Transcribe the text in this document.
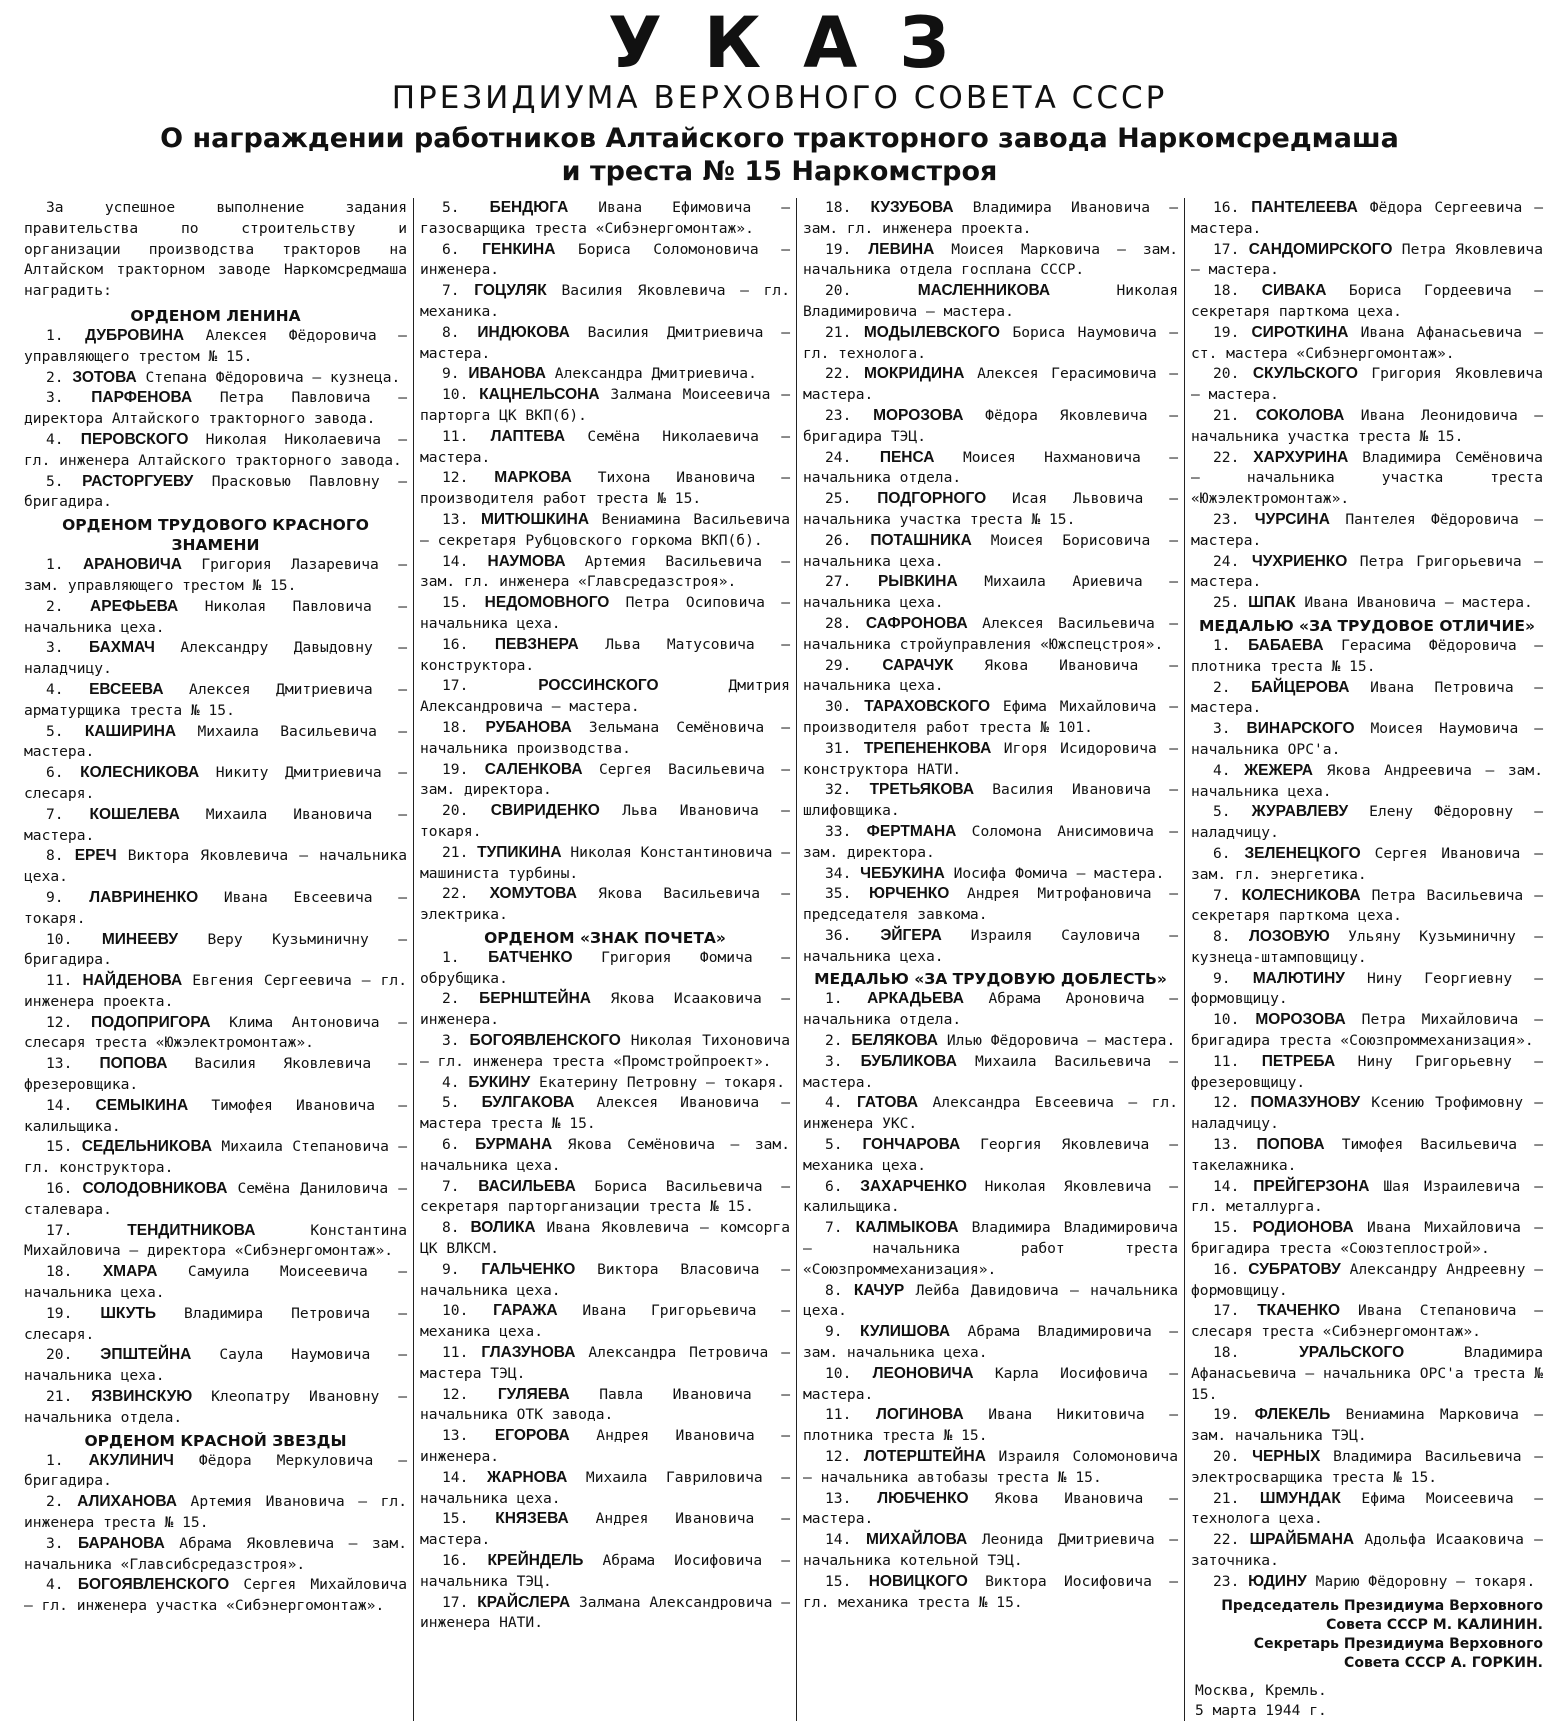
УКАЗ
ПРЕЗИДИУМА ВЕРХОВНОГО СОВЕТА СССР
О награждении работников Алтайского тракторного завода Наркомсредмаша
и треста № 15 Наркомстроя

За успешное выполнение задания правительства по строительству и организации производства тракторов на Алтайском тракторном заводе Наркомсредмаша наградить:

ОРДЕНОМ ЛЕНИНА

1. ДУБРОВИНА Алексея Фёдоровича — управляющего трестом № 15.

2. ЗОТОВА Степана Фёдоровича — кузнеца.

3. ПАРФЕНОВА Петра Павловича — директора Алтайского тракторного завода.

4. ПЕРОВСКОГО Николая Николаевича — гл. инженера Алтайского тракторного завода.

5. РАСТОРГУЕВУ Прасковью Павловну — бригадира.

ОРДЕНОМ ТРУДОВОГО КРАСНОГО ЗНАМЕНИ

1. АРАНОВИЧА Григория Лазаревича — зам. управляющего трестом № 15.

2. АРЕФЬЕВА Николая Павловича — начальника цеха.

3. БАХМАЧ Александру Давыдовну — наладчицу.

4. ЕВСЕЕВА Алексея Дмитриевича — арматурщика треста № 15.

5. КАШИРИНА Михаила Васильевича — мастера.

6. КОЛЕСНИКОВА Никиту Дмитриевича — слесаря.

7. КОШЕЛЕВА Михаила Ивановича — мастера.

8. ЕРЕЧ Виктора Яковлевича — начальника цеха.

9. ЛАВРИНЕНКО Ивана Евсеевича — токаря.

10. МИНЕЕВУ Веру Кузьминичну — бригадира.

11. НАЙДЕНОВА Евгения Сергеевича — гл. инженера проекта.

12. ПОДОПРИГОРА Клима Антоновича — слесаря треста «Южэлектромонтаж».

13. ПОПОВА Василия Яковлевича — фрезеровщика.

14. СЕМЫКИНА Тимофея Ивановича — калильщика.

15. СЕДЕЛЬНИКОВА Михаила Степановича — гл. конструктора.

16. СОЛОДОВНИКОВА Семёна Даниловича — сталевара.

17.	ТЕНДИТНИКОВА	Константина Михайловича — директора «Сибэнергомонтаж».

18. ХМАРА Самуила Моисеевича — начальника цеха.

19. ШКУТЬ Владимира Петровича — слесаря.

20. ЭПШТЕЙНА Саула Наумовича — начальника цеха.

21. ЯЗВИНСКУЮ Клеопатру Ивановну — начальника отдела.

ОРДЕНОМ КРАСНОЙ ЗВЕЗДЫ

1. АКУЛИНИЧ Фёдора Меркуловича — бригадира.

2. АЛИХАНОВА Артемия Ивановича — гл. инженера треста № 15.

3. БАРАНОВА Абрама Яковлевича — зам. начальника «Главсибсредазстроя».

4. БОГОЯВЛЕНСКОГО Сергея Михайловича — гл. инженера участка «Сибэнергомонтаж».

5. БЕНДЮГА Ивана Ефимовича — газосварщика треста «Сибэнергомонтаж».

6. ГЕНКИНА Бориса Соломоновича — инженера.

7. ГОЦУЛЯК Василия Яковлевича — гл. механика.

8. ИНДЮКОВА Василия Дмитриевича — мастера.

9. ИВАНОВА Александра Дмитриевича.

10. КАЦНЕЛЬСОНА Залмана Моисеевича — парторга ЦК ВКП(б).

11. ЛАПТЕВА Семёна Николаевича — мастера.

12. МАРКОВА Тихона Ивановича — производителя работ треста № 15.

13. МИТЮШКИНА Вениамина Васильевича — секретаря Рубцовского горкома ВКП(б).

14. НАУМОВА Артемия Васильевича — зам. гл. инженера «Главсредазстроя».

15. НЕДОМОВНОГО Петра Осиповича — начальника цеха.

16. ПЕВЗНЕРА Льва Матусовича — конструктора.

17.	РОССИНСКОГО	Дмитрия Александровича — мастера.

18. РУБАНОВА Зельмана Семёновича — начальника производства.

19. САЛЕНКОВА Сергея Васильевича — зам. директора.

20. СВИРИДЕНКО Льва Ивановича — токаря.

21. ТУПИКИНА Николая Константиновича — машиниста турбины.

22. ХОМУТОВА Якова Васильевича — электрика.

ОРДЕНОМ «ЗНАК ПОЧЕТА»

1. БАТЧЕНКО Григория Фомича — обрубщика.

2. БЕРНШТЕЙНА Якова Исааковича — инженера.

3. БОГОЯВЛЕНСКОГО Николая Тихоновича — гл. инженера треста «Промстройпроект».

4. БУКИНУ Екатерину Петровну — токаря.

5. БУЛГАКОВА Алексея Ивановича — мастера треста № 15.

6. БУРМАНА Якова Семёновича — зам. начальника цеха.

7. ВАСИЛЬЕВА Бориса Васильевича — секретаря парторганизации треста № 15.

8. ВОЛИКА Ивана Яковлевича — комсорга ЦК ВЛКСМ.

9. ГАЛЬЧЕНКО Виктора Власовича — начальника цеха.

10. ГАРАЖА Ивана Григорьевича — механика цеха.

11. ГЛАЗУНОВА Александра Петровича — мастера ТЭЦ.

12. ГУЛЯЕВА Павла Ивановича — начальника ОТК завода.

13. ЕГОРОВА Андрея Ивановича — инженера.

14. ЖАРНОВА Михаила Гавриловича — начальника цеха.

15. КНЯЗЕВА Андрея Ивановича — мастера.

16. КРЕЙНДЕЛЬ Абрама Иосифовича — начальника ТЭЦ.

17. КРАЙСЛЕРА Залмана Александровича — инженера НАТИ.

18. КУЗУБОВА Владимира Ивановича — зам. гл. инженера проекта.

19. ЛЕВИНА Моисея Марковича — зам. начальника отдела госплана СССР.

20.	МАСЛЕННИКОВА	Николая Владимировича — мастера.

21. МОДЫЛЕВСКОГО Бориса Наумовича — гл. технолога.

22. МОКРИДИНА Алексея Герасимовича — мастера.

23. МОРОЗОВА Фёдора Яковлевича — бригадира ТЭЦ.

24. ПЕНСА Моисея Нахмановича — начальника отдела.

25. ПОДГОРНОГО Исая Львовича — начальника участка треста № 15.

26. ПОТАШНИКА Моисея Борисовича — начальника цеха.

27. РЫВКИНА Михаила Ариевича — начальника цеха.

28. САФРОНОВА Алексея Васильевича — начальника стройуправления «Южспецстроя».

29. САРАЧУК Якова Ивановича — начальника цеха.

30. ТАРАХОВСКОГО Ефима Михайловича — производителя работ треста № 101.

31. ТРЕПЕНЕНКОВА Игоря Исидоровича — конструктора НАТИ.

32. ТРЕТЬЯКОВА Василия Ивановича — шлифовщика.

33. ФЕРТМАНА Соломона Анисимовича — зам. директора.

34. ЧЕБУКИНА Иосифа Фомича — мастера.

35. ЮРЧЕНКО Андрея Митрофановича — председателя завкома.

36. ЭЙГЕРА Израиля Сауловича — начальника цеха.

МЕДАЛЬЮ «ЗА ТРУДОВУЮ ДОБЛЕСТЬ»

1. АРКАДЬЕВА Абрама Ароновича — начальника отдела.

2. БЕЛЯКОВА Илью Фёдоровича — мастера.

3. БУБЛИКОВА Михаила Васильевича — мастера.

4. ГАТОВА Александра Евсеевича — гл. инженера УКС.

5. ГОНЧАРОВА Георгия Яковлевича — механика цеха.

6. ЗАХАРЧЕНКО Николая Яковлевича — калильщика.

7. КАЛМЫКОВА Владимира Владимировича — начальника работ треста «Союзпроммеханизация».

8. КАЧУР Лейба Давидовича — начальника цеха.

9. КУЛИШОВА Абрама Владимировича — зам. начальника цеха.

10. ЛЕОНОВИЧА Карла Иосифовича — мастера.

11. ЛОГИНОВА Ивана Никитовича — плотника треста № 15.

12. ЛОТЕРШТЕЙНА Израиля Соломоновича — начальника автобазы треста № 15.

13. ЛЮБЧЕНКО Якова Ивановича — мастера.

14. МИХАЙЛОВА Леонида Дмитриевича — начальника котельной ТЭЦ.

15. НОВИЦКОГО Виктора Иосифовича — гл. механика треста № 15.

16. ПАНТЕЛЕЕВА Фёдора Сергеевича — мастера.

17. САНДОМИРСКОГО Петра Яковлевича — мастера.

18. СИВАКА Бориса Гордеевича — секретаря парткома цеха.

19. СИРОТКИНА Ивана Афанасьевича — ст. мастера «Сибэнергомонтаж».

20. СКУЛЬСКОГО Григория Яковлевича — мастера.

21. СОКОЛОВА Ивана Леонидовича — начальника участка треста № 15.

22. ХАРХУРИНА Владимира Семёновича — начальника участка треста «Южэлектромонтаж».

23. ЧУРСИНА Пантелея Фёдоровича — мастера.

24. ЧУХРИЕНКО Петра Григорьевича — мастера.

25. ШПАК Ивана Ивановича — мастера.

МЕДАЛЬЮ «ЗА ТРУДОВОЕ ОТЛИЧИЕ»

1. БАБАЕВА Герасима Фёдоровича — плотника треста № 15.

2. БАЙЦЕРОВА Ивана Петровича — мастера.

3. ВИНАРСКОГО Моисея Наумовича — начальника ОРС'а.

4. ЖЕЖЕРА Якова Андреевича — зам. начальника цеха.

5. ЖУРАВЛЕВУ Елену Фёдоровну — наладчицу.

6. ЗЕЛЕНЕЦКОГО Сергея Ивановича — зам. гл. энергетика.

7. КОЛЕСНИКОВА Петра Васильевича — секретаря парткома цеха.

8. ЛОЗОВУЮ Ульяну Кузьминичну — кузнеца-штамповщицу.

9. МАЛЮТИНУ Нину Георгиевну — формовщицу.

10. МОРОЗОВА Петра Михайловича — бригадира треста «Союзпроммеханизация».

11. ПЕТРЕБА Нину Григорьевну — фрезеровщицу.

12. ПОМАЗУНОВУ Ксению Трофимовну — наладчицу.

13. ПОПОВА Тимофея Васильевича — такелажника.

14. ПРЕЙГЕРЗОНА Шая Израилевича — гл. металлурга.

15. РОДИОНОВА Ивана Михайловича — бригадира треста «Союзтеплострой».

16. СУБРАТОВУ Александру Андреевну — формовщицу.

17. ТКАЧЕНКО Ивана Степановича — слесаря треста «Сибэнергомонтаж».

18.	УРАЛЬСКОГО	Владимира Афанасьевича — начальника ОРС'а треста № 15.

19. ФЛЕКЕЛЬ Вениамина Марковича — зам. начальника ТЭЦ.

20. ЧЕРНЫХ Владимира Васильевича — электросварщика треста № 15.

21. ШМУНДАК Ефима Моисеевича — технолога цеха.

22. ШРАЙБМАНА Адольфа Исааковича — заточника.

23. ЮДИНУ Марию Фёдоровну — токаря.

Председатель Президиума Верховного

Совета СССР М. КАЛИНИН.

Секретарь Президиума Верховного

Совета СССР А. ГОРКИН.

Москва, Кремль.
5 марта 1944 г.
